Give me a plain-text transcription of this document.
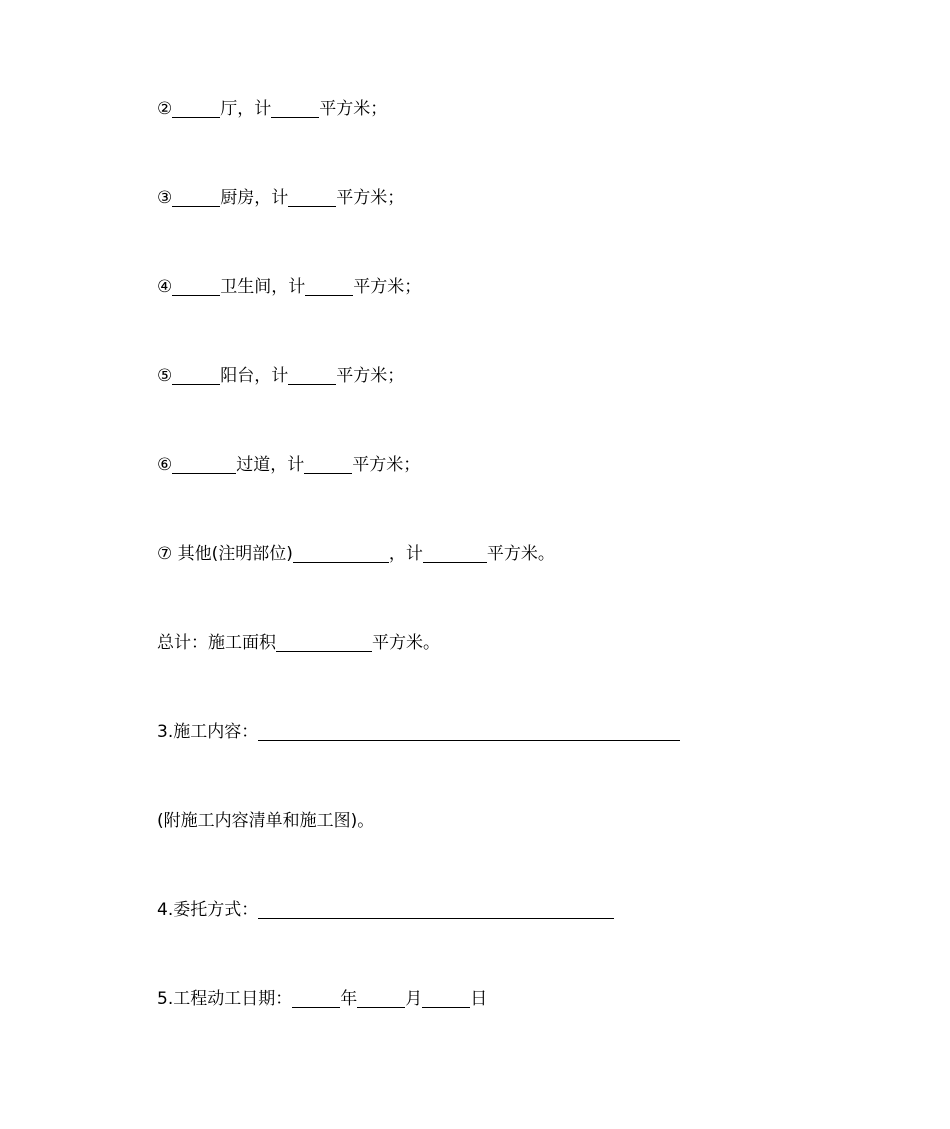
②	厅，计	平方米；
③	厨房，计	平方米；
④	卫生间，计	平方米；
⑤	阳台，计	平方米；
⑥	过道，计	平方米；
⑦ 其他(注明部位)	，计	平方米。
总计：施工面积	平方米。
3.施工内容：
(附施工内容清单和施工图)。
4.委托方式：
5.工程动工日期：	年	月	日
